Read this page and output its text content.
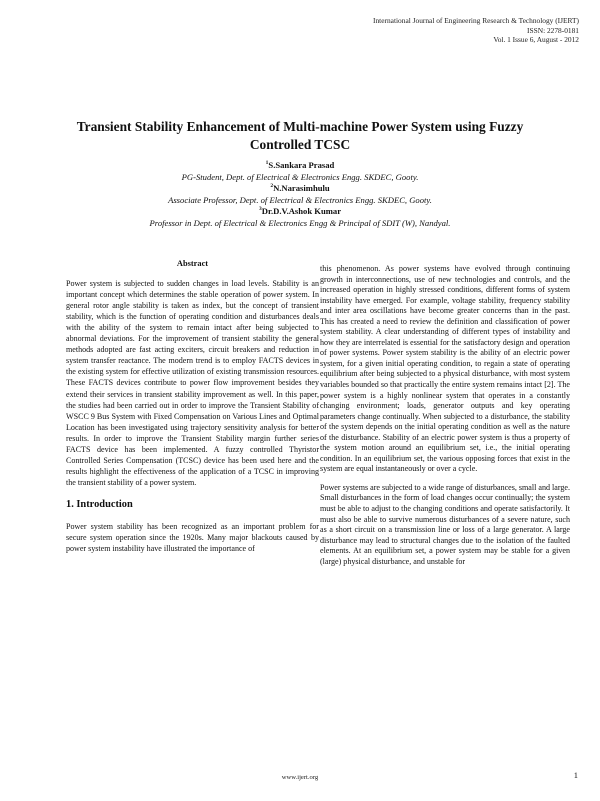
International Journal of Engineering Research & Technology (IJERT)
ISSN: 2278-0181
Vol. 1 Issue 6, August - 2012
Transient Stability Enhancement of Multi-machine Power System using Fuzzy Controlled TCSC
$^1$S.Sankara Prasad
PG-Student, Dept. of Electrical & Electronics Engg. SKDEC, Gooty.
$^2$N.Narasimhulu
Associate Professor, Dept. of Electrical & Electronics Engg. SKDEC, Gooty.
$^3$Dr.D.V.Ashok Kumar
Professor in Dept. of Electrical & Electronics Engg & Principal of SDIT (W), Nandyal.
Abstract

Power system is subjected to sudden changes in load levels. Stability is an important concept which determines the stable operation of power system. In general rotor angle stability is taken as index, but the concept of transient stability, which is the function of operating condition and disturbances deals with the ability of the system to remain intact after being subjected to abnormal deviations. For the improvement of transient stability the general methods adopted are fast acting exciters, circuit breakers and reduction in system transfer reactance. The modern trend is to employ FACTS devices in the existing system for effective utilization of existing transmission resources. These FACTS devices contribute to power flow improvement besides they extend their services in transient stability improvement as well. In this paper, the studies had been carried out in order to improve the Transient Stability of WSCC 9 Bus System with Fixed Compensation on Various Lines and Optimal Location has been investigated using trajectory sensitivity analysis for better results. In order to improve the Transient Stability margin further series FACTS device has been implemented. A fuzzy controlled Thyristor Controlled Series Compensation (TCSC) device has been used here and the results highlight the effectiveness of the application of a TCSC in improving the transient stability of a power system.

1. Introduction

Power system stability has been recognized as an important problem for secure system operation since the 1920s. Many major blackouts caused by power system instability have illustrated the importance of

this phenomenon. As power systems have evolved through continuing growth in interconnections, use of new technologies and controls, and the increased operation in highly stressed conditions, different forms of system instability have emerged. For example, voltage stability, frequency stability and inter area oscillations have become greater concerns than in the past. This has created a need to review the definition and classification of power system stability. A clear understanding of different types of instability and how they are interrelated is essential for the satisfactory design and operation of power systems. Power system stability is the ability of an electric power system, for a given initial operating condition, to regain a state of operating equilibrium after being subjected to a physical disturbance, with most system variables bounded so that practically the entire system remains intact [2]. The power system is a highly nonlinear system that operates in a constantly changing environment; loads, generator outputs and key operating parameters change continually. When subjected to a disturbance, the stability of the system depends on the initial operating condition as well as the nature of the disturbance. Stability of an electric power system is thus a property of the system motion around an equilibrium set, i.e., the initial operating condition. In an equilibrium set, the various opposing forces that exist in the system are equal instantaneously or over a cycle.

Power systems are subjected to a wide range of disturbances, small and large. Small disturbances in the form of load changes occur continually; the system must be able to adjust to the changing conditions and operate satisfactorily. It must also be able to survive numerous disturbances of a severe nature, such as a short circuit on a transmission line or loss of a large generator. A large disturbance may lead to structural changes due to the isolation of the faulted elements. At an equilibrium set, a power system may be stable for a given (large) physical disturbance, and unstable for

www.ijert.org	1
